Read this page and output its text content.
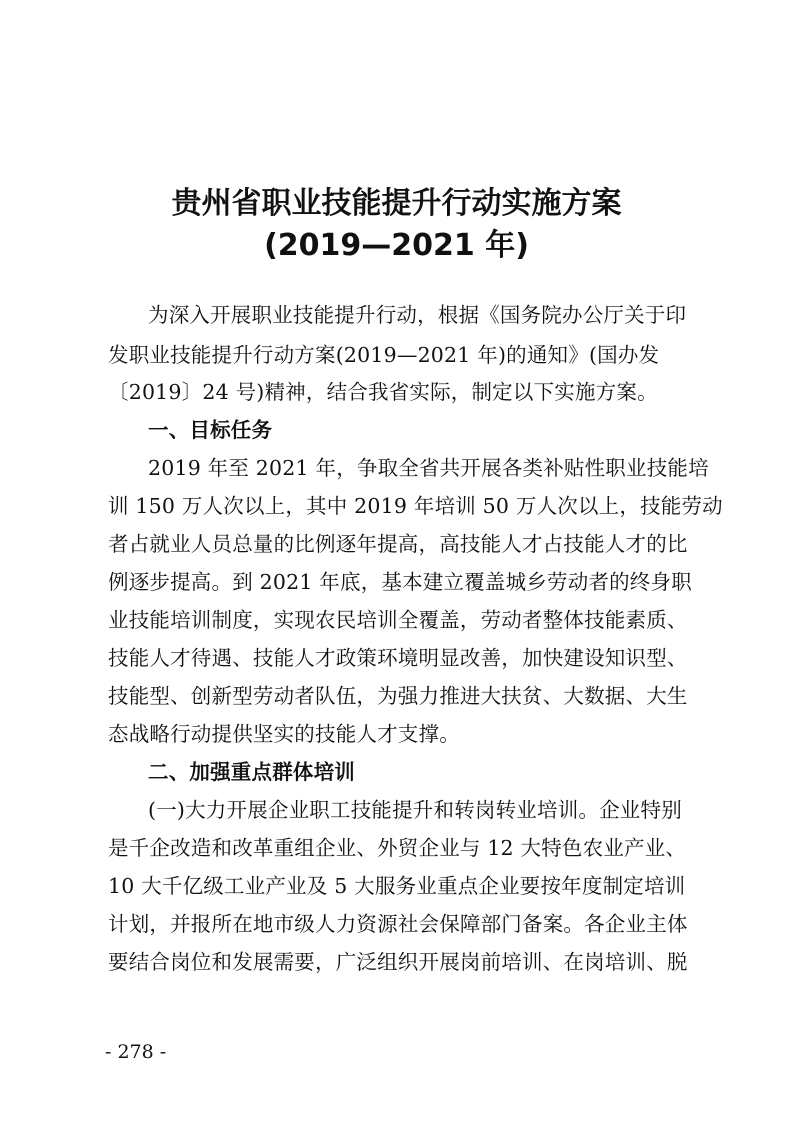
贵州省职业技能提升行动实施方案
(2019—2021 年)
为深入开展职业技能提升行动，根据《国务院办公厅关于印
发职业技能提升行动方案(2019—2021 年)的通知》(国办发
〔2019〕24 号)精神，结合我省实际，制定以下实施方案。
一、目标任务
2019 年至 2021 年，争取全省共开展各类补贴性职业技能培
训 150 万人次以上，其中 2019 年培训 50 万人次以上，技能劳动
者占就业人员总量的比例逐年提高，高技能人才占技能人才的比
例逐步提高。到 2021 年底，基本建立覆盖城乡劳动者的终身职
业技能培训制度，实现农民培训全覆盖，劳动者整体技能素质、
技能人才待遇、技能人才政策环境明显改善，加快建设知识型、
技能型、创新型劳动者队伍，为强力推进大扶贫、大数据、大生
态战略行动提供坚实的技能人才支撑。
二、加强重点群体培训
(一)大力开展企业职工技能提升和转岗转业培训。企业特别
是千企改造和改革重组企业、外贸企业与 12 大特色农业产业、
10 大千亿级工业产业及 5 大服务业重点企业要按年度制定培训
计划，并报所在地市级人力资源社会保障部门备案。各企业主体
要结合岗位和发展需要，广泛组织开展岗前培训、在岗培训、脱
- 278 -
